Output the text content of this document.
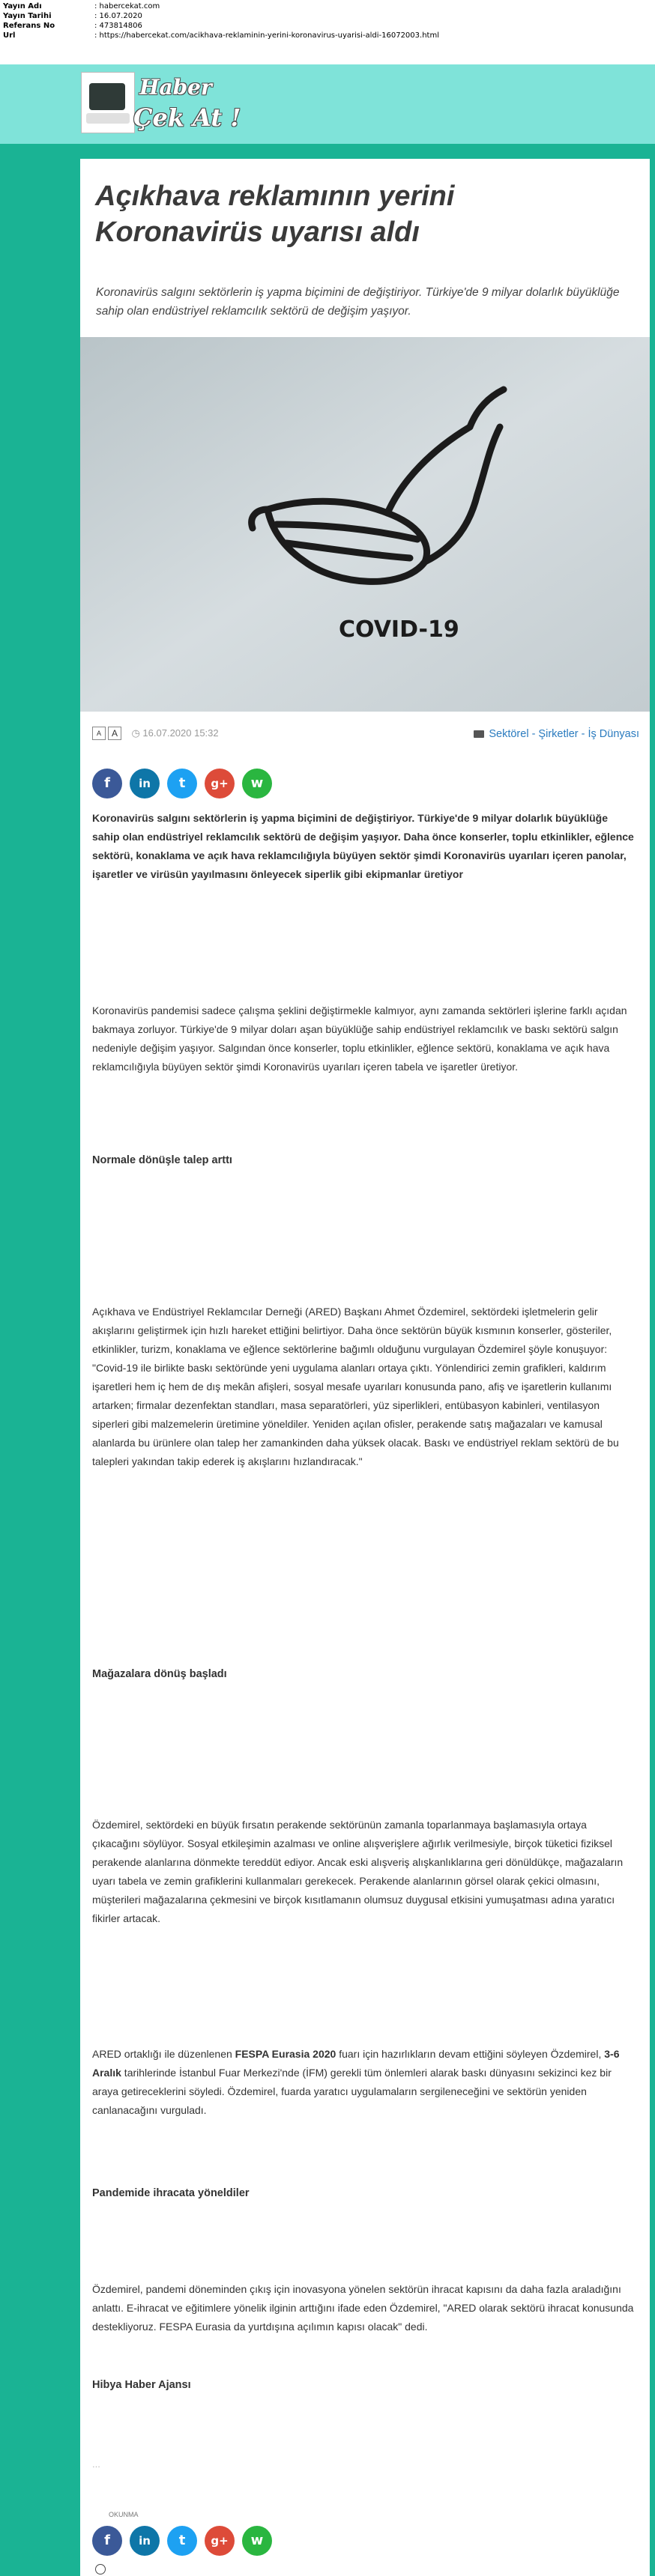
Yayın Adı	: habercekat.com
Yayın Tarihi	: 16.07.2020
Referans No	: 473814806
Url	: https://habercekat.com/acikhava-reklaminin-yerini-koronavirus-uyarisi-aldi-16072003.html
Haber
Çek At !
Açıkhava reklamının yerini Koronavirüs uyarısı aldı

Koronavirüs salgını sektörlerin iş yapma biçimini de değiştiriyor. Türkiye'de 9 milyar dolarlık büyüklüğe sahip olan endüstriyel reklamcılık sektörü de değişim yaşıyor.

COVID-19
A A ◷ 16.07.2020 15:32	Sektörel - Şirketler - İş Dünyası
f	in	t	g+	w

Koronavirüs salgını sektörlerin iş yapma biçimini de değiştiriyor. Türkiye'de 9 milyar dolarlık büyüklüğe sahip olan endüstriyel reklamcılık sektörü de değişim yaşıyor. Daha önce konserler, toplu etkinlikler, eğlence sektörü, konaklama ve açık hava reklamcılığıyla büyüyen sektör şimdi Koronavirüs uyarıları içeren panolar, işaretler ve virüsün yayılmasını önleyecek siperlik gibi ekipmanlar üretiyor

Koronavirüs pandemisi sadece çalışma şeklini değiştirmekle kalmıyor, aynı zamanda sektörleri işlerine farklı açıdan bakmaya zorluyor. Türkiye'de 9 milyar doları aşan büyüklüğe sahip endüstriyel reklamcılık ve baskı sektörü salgın nedeniyle değişim yaşıyor. Salgından önce konserler, toplu etkinlikler, eğlence sektörü, konaklama ve açık hava reklamcılığıyla büyüyen sektör şimdi Koronavirüs uyarıları içeren tabela ve işaretler üretiyor.

Normale dönüşle talep arttı

Açıkhava ve Endüstriyel Reklamcılar Derneği (ARED) Başkanı Ahmet Özdemirel, sektördeki işletmelerin gelir akışlarını geliştirmek için hızlı hareket ettiğini belirtiyor. Daha önce sektörün büyük kısmının konserler, gösteriler, etkinlikler, turizm, konaklama ve eğlence sektörlerine bağımlı olduğunu vurgulayan Özdemirel şöyle konuşuyor: "Covid-19 ile birlikte baskı sektöründe yeni uygulama alanları ortaya çıktı. Yönlendirici zemin grafikleri, kaldırım işaretleri hem iç hem de dış mekân afişleri, sosyal mesafe uyarıları konusunda pano, afiş ve işaretlerin kullanımı artarken; firmalar dezenfektan standları, masa separatörleri, yüz siperlikleri, entübasyon kabinleri, ventilasyon siperleri gibi malzemelerin üretimine yöneldiler. Yeniden açılan ofisler, perakende satış mağazaları ve kamusal alanlarda bu ürünlere olan talep her zamankinden daha yüksek olacak. Baskı ve endüstriyel reklam sektörü de bu talepleri yakından takip ederek iş akışlarını hızlandıracak."

Mağazalara dönüş başladı

Özdemirel, sektördeki en büyük fırsatın perakende sektörünün zamanla toparlanmaya başlamasıyla ortaya çıkacağını söylüyor. Sosyal etkileşimin azalması ve online alışverişlere ağırlık verilmesiyle, birçok tüketici fiziksel perakende alanlarına dönmekte tereddüt ediyor. Ancak eski alışveriş alışkanlıklarına geri dönüldükçe, mağazaların uyarı tabela ve zemin grafiklerini kullanmaları gerekecek. Perakende alanlarının görsel olarak çekici olmasını, müşterileri mağazalarına çekmesini ve birçok kısıtlamanın olumsuz duygusal etkisini yumuşatması adına yaratıcı fikirler artacak.

ARED ortaklığı ile düzenlenen FESPA Eurasia 2020 fuarı için hazırlıkların devam ettiğini söyleyen Özdemirel, 3-6 Aralık tarihlerinde İstanbul Fuar Merkezi'nde (İFM) gerekli tüm önlemleri alarak baskı dünyasını sekizinci kez bir araya getireceklerini söyledi. Özdemirel, fuarda yaratıcı uygulamaların sergileneceğini ve sektörün yeniden canlanacağını vurguladı.

Pandemide ihracata yöneldiler

Özdemirel, pandemi döneminden çıkış için inovasyona yönelen sektörün ihracat kapısını da daha fazla araladığını anlattı. E-ihracat ve eğitimlere yönelik ilginin arttığını ifade eden Özdemirel, "ARED olarak sektörü ihracat konusunda destekliyoruz. FESPA Eurasia da yurtdışına açılımın kapısı olacak" dedi.

Hibya Haber Ajansı

...
OKUNMA
f	in	t	g+	w
